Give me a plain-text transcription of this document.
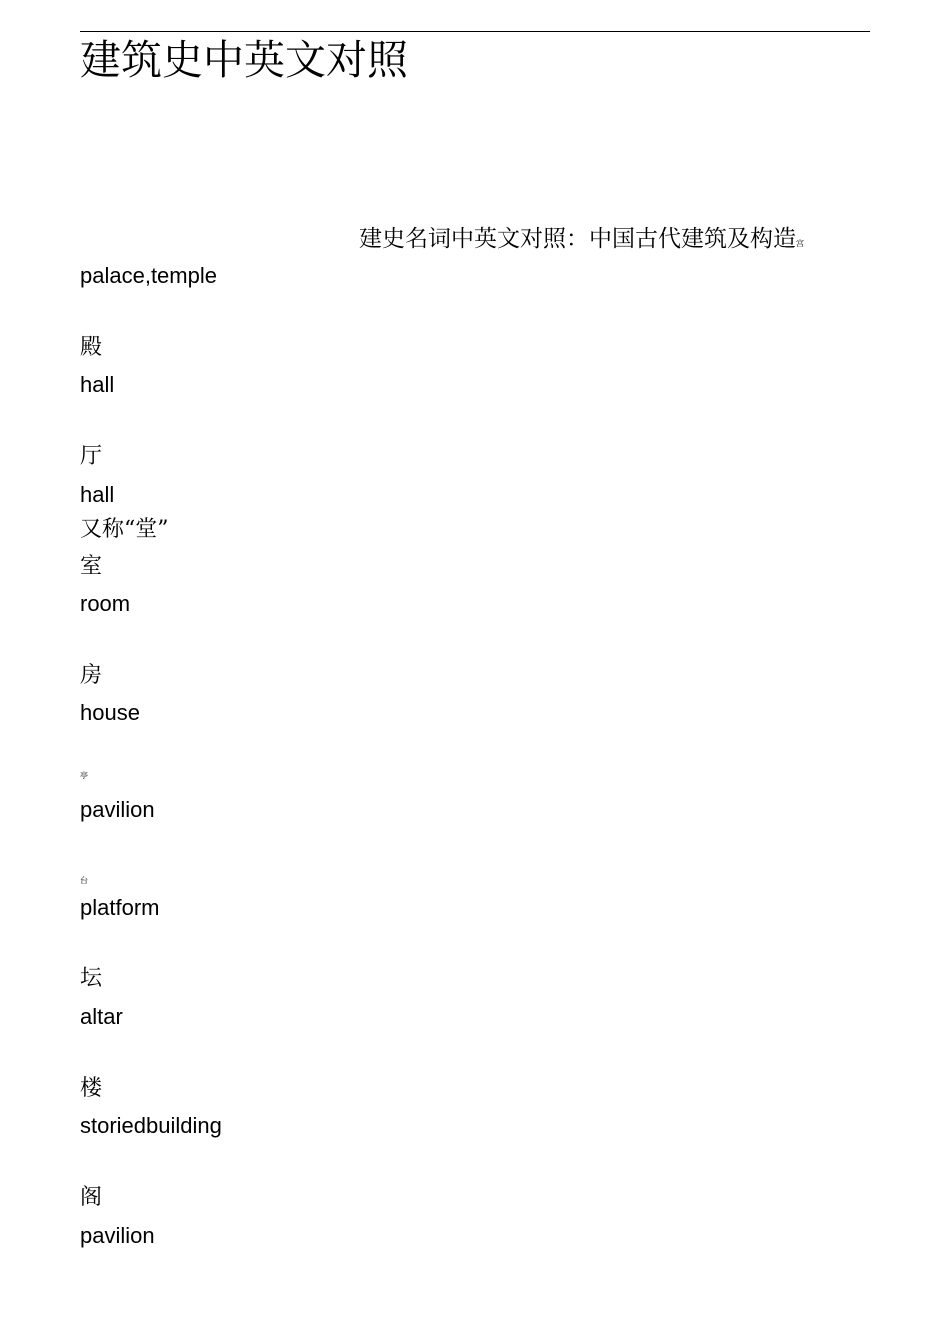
建筑史中英文对照
建史名词中英文对照：中国古代建筑及构造宫
palace,temple
殿
hall
厅
hall
又称“堂”
室
room
房
house
亭
pavilion
台
platform
坛
altar
楼
storiedbuilding
阁
pavilion
